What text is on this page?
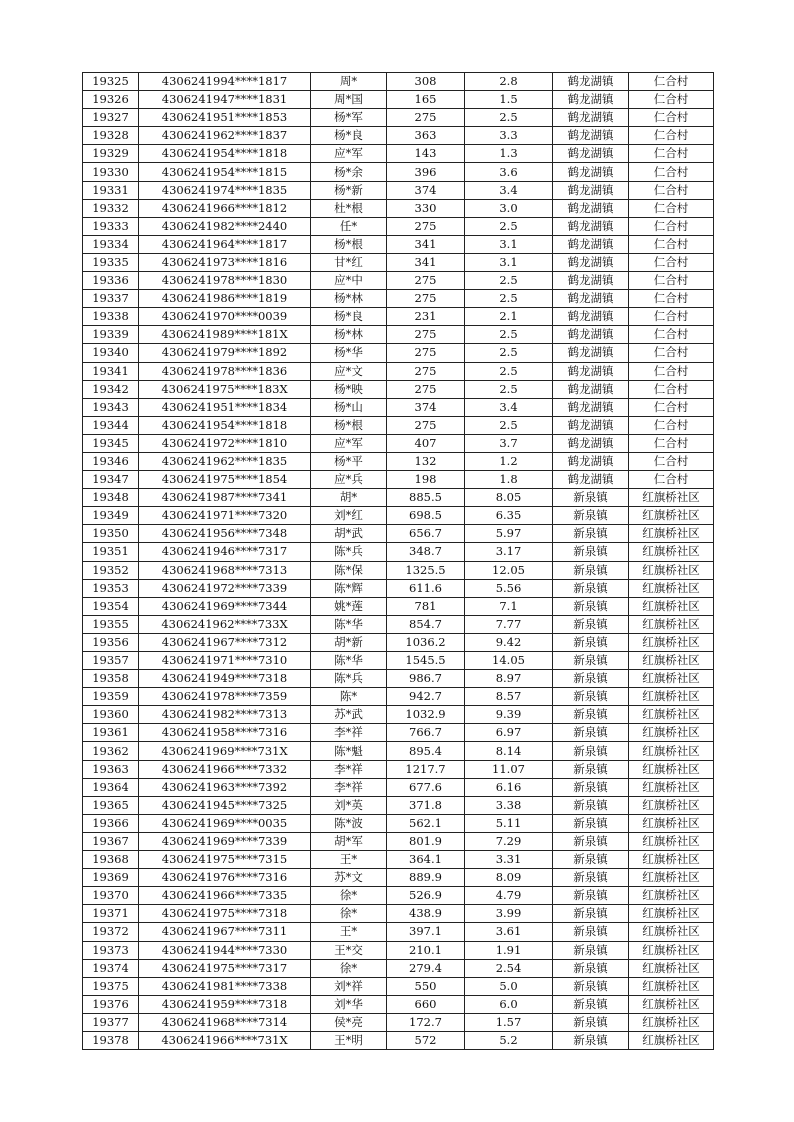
19325	4306241994****1817	周*	308	2.8	鹤龙湖镇	仁合村
19326	4306241947****1831	周*国	165	1.5	鹤龙湖镇	仁合村
19327	4306241951****1853	杨*军	275	2.5	鹤龙湖镇	仁合村
19328	4306241962****1837	杨*良	363	3.3	鹤龙湖镇	仁合村
19329	4306241954****1818	应*军	143	1.3	鹤龙湖镇	仁合村
19330	4306241954****1815	杨*余	396	3.6	鹤龙湖镇	仁合村
19331	4306241974****1835	杨*新	374	3.4	鹤龙湖镇	仁合村
19332	4306241966****1812	杜*根	330	3.0	鹤龙湖镇	仁合村
19333	4306241982****2440	任*	275	2.5	鹤龙湖镇	仁合村
19334	4306241964****1817	杨*根	341	3.1	鹤龙湖镇	仁合村
19335	4306241973****1816	甘*红	341	3.1	鹤龙湖镇	仁合村
19336	4306241978****1830	应*中	275	2.5	鹤龙湖镇	仁合村
19337	4306241986****1819	杨*林	275	2.5	鹤龙湖镇	仁合村
19338	4306241970****0039	杨*良	231	2.1	鹤龙湖镇	仁合村
19339	4306241989****181X	杨*林	275	2.5	鹤龙湖镇	仁合村
19340	4306241979****1892	杨*华	275	2.5	鹤龙湖镇	仁合村
19341	4306241978****1836	应*文	275	2.5	鹤龙湖镇	仁合村
19342	4306241975****183X	杨*映	275	2.5	鹤龙湖镇	仁合村
19343	4306241951****1834	杨*山	374	3.4	鹤龙湖镇	仁合村
19344	4306241954****1818	杨*根	275	2.5	鹤龙湖镇	仁合村
19345	4306241972****1810	应*军	407	3.7	鹤龙湖镇	仁合村
19346	4306241962****1835	杨*平	132	1.2	鹤龙湖镇	仁合村
19347	4306241975****1854	应*兵	198	1.8	鹤龙湖镇	仁合村
19348	4306241987****7341	胡*	885.5	8.05	新泉镇	红旗桥社区
19349	4306241971****7320	刘*红	698.5	6.35	新泉镇	红旗桥社区
19350	4306241956****7348	胡*武	656.7	5.97	新泉镇	红旗桥社区
19351	4306241946****7317	陈*兵	348.7	3.17	新泉镇	红旗桥社区
19352	4306241968****7313	陈*保	1325.5	12.05	新泉镇	红旗桥社区
19353	4306241972****7339	陈*辉	611.6	5.56	新泉镇	红旗桥社区
19354	4306241969****7344	姚*莲	781	7.1	新泉镇	红旗桥社区
19355	4306241962****733X	陈*华	854.7	7.77	新泉镇	红旗桥社区
19356	4306241967****7312	胡*新	1036.2	9.42	新泉镇	红旗桥社区
19357	4306241971****7310	陈*华	1545.5	14.05	新泉镇	红旗桥社区
19358	4306241949****7318	陈*兵	986.7	8.97	新泉镇	红旗桥社区
19359	4306241978****7359	陈*	942.7	8.57	新泉镇	红旗桥社区
19360	4306241982****7313	苏*武	1032.9	9.39	新泉镇	红旗桥社区
19361	4306241958****7316	李*祥	766.7	6.97	新泉镇	红旗桥社区
19362	4306241969****731X	陈*魁	895.4	8.14	新泉镇	红旗桥社区
19363	4306241966****7332	李*祥	1217.7	11.07	新泉镇	红旗桥社区
19364	4306241963****7392	李*祥	677.6	6.16	新泉镇	红旗桥社区
19365	4306241945****7325	刘*英	371.8	3.38	新泉镇	红旗桥社区
19366	4306241969****0035	陈*波	562.1	5.11	新泉镇	红旗桥社区
19367	4306241969****7339	胡*军	801.9	7.29	新泉镇	红旗桥社区
19368	4306241975****7315	王*	364.1	3.31	新泉镇	红旗桥社区
19369	4306241976****7316	苏*文	889.9	8.09	新泉镇	红旗桥社区
19370	4306241966****7335	徐*	526.9	4.79	新泉镇	红旗桥社区
19371	4306241975****7318	徐*	438.9	3.99	新泉镇	红旗桥社区
19372	4306241967****7311	王*	397.1	3.61	新泉镇	红旗桥社区
19373	4306241944****7330	王*交	210.1	1.91	新泉镇	红旗桥社区
19374	4306241975****7317	徐*	279.4	2.54	新泉镇	红旗桥社区
19375	4306241981****7338	刘*祥	550	5.0	新泉镇	红旗桥社区
19376	4306241959****7318	刘*华	660	6.0	新泉镇	红旗桥社区
19377	4306241968****7314	侯*亮	172.7	1.57	新泉镇	红旗桥社区
19378	4306241966****731X	王*明	572	5.2	新泉镇	红旗桥社区
